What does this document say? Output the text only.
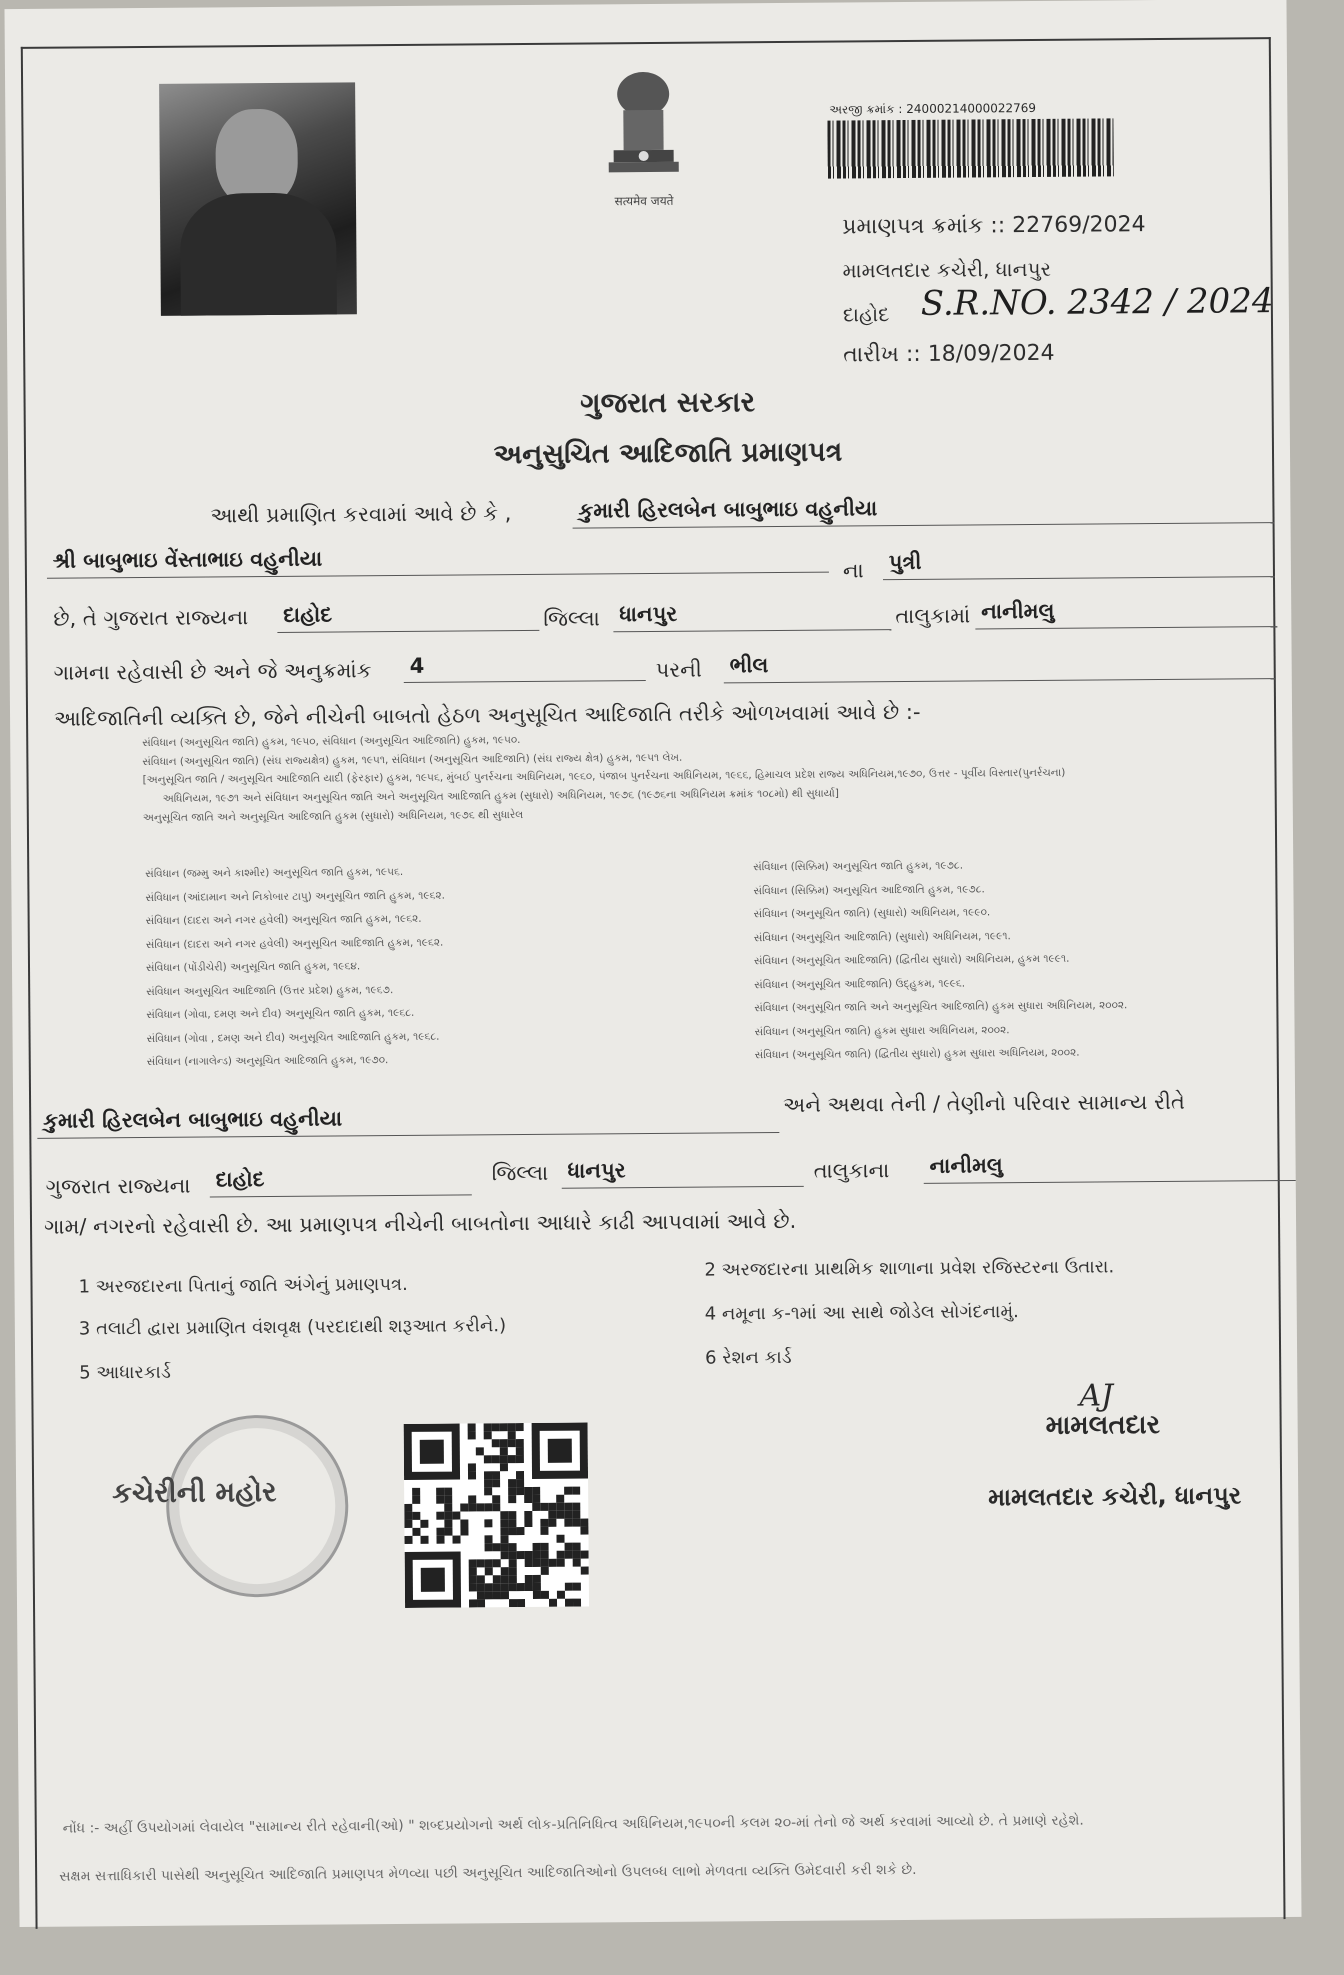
सत्यमेव जयते
અરજી ક્રમાંક : 24000214000022769
પ્રમાણપત્ર ક્રમાંક :: 22769/2024
મામલતદાર કચેરી, ધાનપુર
દાહોદ S.R.NO. 2342 / 2024
તારીખ :: 18/09/2024
ગુજરાત સરકાર
અનુસુચિત આદિજાતિ પ્રમાણપત્ર
આથી પ્રમાણિત કરવામાં આવે છે કે ,	કુમારી હિરલબેન બાબુભાઇ વહુનીયા
શ્રી બાબુભાઇ વેંસ્તાભાઇ વહુનીયા	ના પુત્રી
છે, તે ગુજરાત રાજ્યના દાહોદ	જિલ્લા ધાનપુર	તાલુકામાં નાનીમલુ
ગામના રહેવાસી છે અને જે અનુક્રમાંક 4	પરની ભીલ
આદિજાતિની વ્યક્તિ છે, જેને નીચેની બાબતો હેઠળ અનુસૂચિત આદિજાતિ તરીકે ઓળખવામાં આવે છે :-
સંવિધાન (અનુસૂચિત જાતિ) હુકમ, ૧૯૫૦, સંવિધાન (અનુસૂચિત આદિજાતિ) હુકમ, ૧૯૫૦.
સંવિધાન (અનુસૂચિત જાતિ) (સંઘ રાજ્યક્ષેત્ર) હુકમ, ૧૯૫૧, સંવિધાન (અનુસૂચિત આદિજાતિ) (સંઘ રાજ્ય ક્ષેત્ર) હુકમ, ૧૯૫૧ લેખ.
[અનુસૂચિત જાતિ / અનુસૂચિત આદિજાતિ યાદી (ફેરફાર) હુકમ, ૧૯૫૬, મુંબઈ પુનર્રચના અધિનિયમ, ૧૯૬૦, પંજાબ પુનર્રચના અધિનિયમ, ૧૯૬૬, હિમાચલ પ્રદેશ રાજ્ય અધિનિયમ,૧૯૭૦, ઉત્તર - પૂર્વીય વિસ્તાર(પુનર્રચના)
અધિનિયમ, ૧૯૭૧ અને સંવિધાન અનુસૂચિત જાતિ અને અનુસૂચિત આદિજાતિ હુકમ (સુધારો) અધિનિયમ, ૧૯૭૬ (૧૯૭૬ના અધિનિયમ ક્રમાંક ૧૦૮મો) થી સુધાર્યા]
અનુસૂચિત જાતિ અને અનુસૂચિત આદિજાતિ હુકમ (સુધારો) અધિનિયમ, ૧૯૭૬ થી સુધારેલ
સંવિધાન (જમ્મુ અને કાશ્મીર) અનુસૂચિત જાતિ હુકમ, ૧૯૫૬.
સંવિધાન (આંદામાન અને નિકોબાર ટાપુ) અનુસૂચિત જાતિ હુકમ, ૧૯૬૨.
સંવિધાન (દાદરા અને નગર હવેલી) અનુસૂચિત જાતિ હુકમ, ૧૯૬૨.
સંવિધાન (દાદરા અને નગર હવેલી) અનુસૂચિત આદિજાતિ હુકમ, ૧૯૬૨.
સંવિધાન (પોંડીચેરી) અનુસૂચિત જાતિ હુકમ, ૧૯૬૪.
સંવિધાન અનુસૂચિત આદિજાતિ (ઉત્તર પ્રદેશ) હુકમ, ૧૯૬૭.
સંવિધાન (ગોવા, દમણ અને દીવ) અનુસૂચિત જાતિ હુકમ, ૧૯૬૮.
સંવિધાન (ગોવા , દમણ અને દીવ) અનુસૂચિત આદિજાતિ હુકમ, ૧૯૬૮.
સંવિધાન (નાગાલેન્ડ) અનુસૂચિત આદિજાતિ હુકમ, ૧૯૭૦.
સંવિધાન (સિક્કિમ) અનુસૂચિત જાતિ હુકમ, ૧૯૭૮.
સંવિધાન (સિક્કિમ) અનુસૂચિત આદિજાતિ હુકમ, ૧૯૭૮.
સંવિધાન (અનુસૂચિત જાતિ) (સુધારો) અધિનિયમ, ૧૯૯૦.
સંવિધાન (અનુસૂચિત આદિજાતિ) (સુધારો) અધિનિયમ, ૧૯૯૧.
સંવિધાન (અનુસૂચિત આદિજાતિ) (દ્વિતીય સુધારો) અધિનિયમ, હુકમ ૧૯૯૧.
સંવિધાન (અનુસૂચિત આદિજાતિ) ઉદ્‌હુકમ, ૧૯૯૬.
સંવિધાન (અનુસૂચિત જાતિ અને અનુસૂચિત આદિજાતિ) હુકમ સુધારા અધિનિયમ, ૨૦૦૨.
સંવિધાન (અનુસૂચિત જાતિ) હુકમ સુધારા અધિનિયમ, ૨૦૦૨.
સંવિધાન (અનુસૂચિત જાતિ) (દ્વિતીય સુધારો) હુકમ સુધારા અધિનિયમ, ૨૦૦૨.
કુમારી હિરલબેન બાબુભાઇ વહુનીયા
અને અથવા તેની / તેણીનો પરિવાર સામાન્ય રીતે
ગુજરાત રાજ્યના દાહોદ	જિલ્લા ધાનપુર	તાલુકાના નાનીમલુ
ગામ/ નગરનો રહેવાસી છે. આ પ્રમાણપત્ર નીચેની બાબતોના આધારે કાઢી આપવામાં આવે છે.
1 અરજદારના પિતાનું જાતિ અંગેનું પ્રમાણપત્ર.
2 અરજદારના પ્રાથમિક શાળાના પ્રવેશ રજિસ્ટરના ઉતારા.
3 તલાટી દ્વારા પ્રમાણિત વંશવૃક્ષ (પરદાદાથી શરૂઆત કરીને.)
4 નમૂના ક-૧માં આ સાથે જોડેલ સોગંદનામું.
5 આધારકાર્ડ
6 રેશન કાર્ડ
કચેરીની મહોર
AJ
મામલતદાર
મામલતદાર કચેરી, ધાનપુર
નોંધ :- અહીં ઉપયોગમાં લેવાયેલ "સામાન્ય રીતે રહેવાની(ઓ) " શબ્દપ્રયોગનો અર્થ લોક-પ્રતિનિધિત્વ અધિનિયમ,૧૯૫૦ની કલમ ૨૦-માં તેનો જે અર્થ કરવામાં આવ્યો છે. તે પ્રમાણે રહેશે.
સક્ષમ સત્તાધિકારી પાસેથી અનુસૂચિત આદિજાતિ પ્રમાણપત્ર મેળવ્યા પછી અનુસૂચિત આદિજાતિઓનો ઉપલબ્ધ લાભો મેળવતા વ્યક્તિ ઉમેદવારી કરી શકે છે.
